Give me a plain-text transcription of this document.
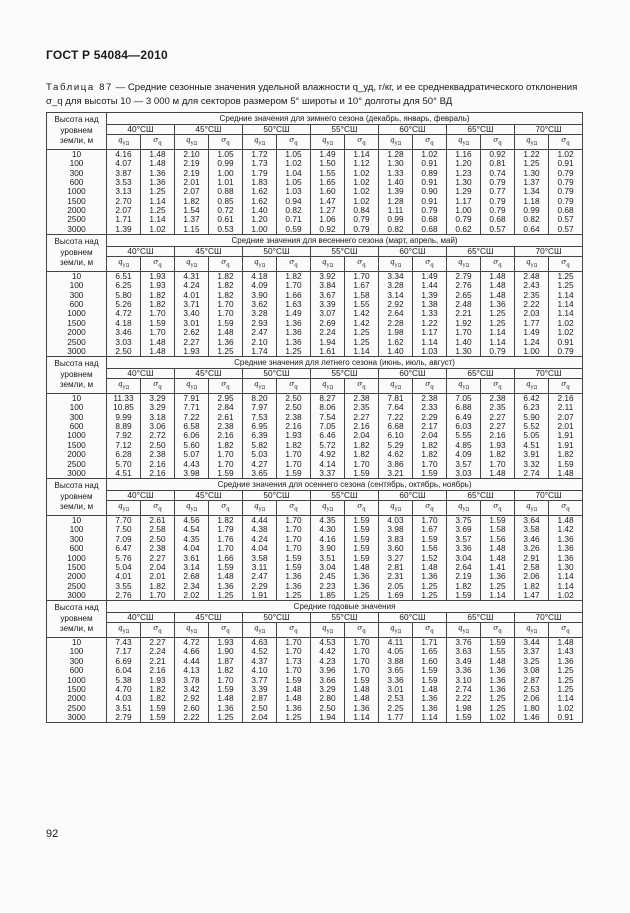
ГОСТ Р 54084—2010
Таблица 87 — Средние сезонные значения удельной влажности q_уд, г/кг, и ее среднеквадратического отклонения σ_q для высоты 10 — 3 000 м для секторов размером 5° широты и 10° долготы для 50° ВД
Высота над уровнем земли, м	Средние значения для зимнего сезона (декабрь, январь, февраль)													
	40°СШ		45°СШ		50°СШ		55°СШ		60°СШ		65°СШ		70°СШ	
	$q_{уд}$	$\sigma_q$	$q_{уд}$	$\sigma_q$	$q_{уд}$	$\sigma_q$	$q_{уд}$	$\sigma_q$	$q_{уд}$	$\sigma_q$	$q_{уд}$	$\sigma_q$	$q_{уд}$	$\sigma_q$
10	4.16	1.48	2.10	1.05	1.72	1.05	1.49	1.14	1.28	1.02	1.16	0.92	1.22	1.02
100	4.07	1.48	2.19	0.99	1.73	1.02	1.50	1.12	1.30	0.91	1.20	0.81	1.25	0.91
300	3.87	1.36	2.19	1.00	1.79	1.04	1.55	1.02	1.33	0.89	1.23	0.74	1.30	0.79
600	3.53	1.36	2.01	1.01	1.83	1.05	1.65	1.02	1.40	0.91	1.30	0.79	1.37	0.79
1000	3.13	1.25	2.07	0.88	1.62	1.03	1.60	1.02	1.39	0.90	1.29	0.77	1.34	0.79
1500	2.70	1.14	1.82	0.85	1.62	0.94	1.47	1.02	1.28	0.91	1.17	0.79	1.18	0.79
2000	2.07	1.25	1.54	0.72	1.40	0.82	1.27	0.84	1.11	0.79	1.00	0.79	0.99	0.68
2500	1.71	1.14	1.37	0.61	1.20	0.71	1.06	0.79	0.99	0.68	0.79	0.68	0.82	0.57
3000	1.39	1.02	1.15	0.53	1.00	0.59	0.92	0.79	0.82	0.68	0.62	0.57	0.64	0.57
Высота над уровнем земли, м	Средние значения для весеннего сезона (март, апрель, май)													
	40°СШ		45°СШ		50°СШ		55°СШ		60°СШ		65°СШ		70°СШ	
	$q_{уд}$	$\sigma_q$	$q_{уд}$	$\sigma_q$	$q_{уд}$	$\sigma_q$	$q_{уд}$	$\sigma_q$	$q_{уд}$	$\sigma_q$	$q_{уд}$	$\sigma_q$	$q_{уд}$	$\sigma_q$
10	6.51	1.93	4.31	1.82	4.18	1.82	3.92	1.70	3.34	1.49	2.79	1.48	2.48	1.25
100	6.25	1.93	4.24	1.82	4.09	1.70	3.84	1.67	3.28	1.44	2.76	1.48	2.43	1.25
300	5.80	1.82	4.01	1.82	3.90	1.66	3.67	1.58	3.14	1.39	2.65	1.48	2.35	1.14
600	5.26	1.82	3.71	1.70	3.62	1.63	3.39	1.55	2.92	1.38	2.48	1.36	2.22	1.14
1000	4.72	1.70	3.40	1.70	3.28	1.49	3.07	1.42	2.64	1.33	2.21	1.25	2.03	1.14
1500	4.18	1.59	3.01	1.59	2.93	1.36	2.69	1.42	2.28	1.22	1.92	1.25	1.77	1.02
2000	3.46	1.70	2.62	1.48	2.47	1.36	2.24	1.25	1.98	1.17	1.70	1.14	1.49	1.02
2500	3.03	1.48	2.27	1.36	2.10	1.36	1.94	1.25	1.62	1.14	1.40	1.14	1.24	0.91
3000	2.50	1.48	1.93	1.25	1.74	1.25	1.61	1.14	1.40	1.03	1.30	0.79	1.00	0.79
Высота над уровнем земли, м	Средние значения для летнего сезона (июнь, июль, август)													
	40°СШ		45°СШ		50°СШ		55°СШ		60°СШ		65°СШ		70°СШ	
	$q_{уд}$	$\sigma_q$	$q_{уд}$	$\sigma_q$	$q_{уд}$	$\sigma_q$	$q_{уд}$	$\sigma_q$	$q_{уд}$	$\sigma_q$	$q_{уд}$	$\sigma_q$	$q_{уд}$	$\sigma_q$
10	11.33	3.29	7.91	2.95	8.20	2.50	8.27	2.38	7.81	2.38	7.05	2.38	6.42	2.16
100	10.85	3.29	7.71	2.84	7.97	2.50	8.06	2.35	7.64	2.33	6.88	2.35	6.23	2.11
300	9.99	3.18	7.22	2.61	7.53	2.38	7.54	2.27	7.22	2.29	6.49	2.27	5.90	2.07
600	8.89	3.06	6.58	2.38	6.95	2.16	7.05	2.16	6.68	2.17	6.03	2.27	5.52	2.01
1000	7.92	2.72	6.06	2.16	6.39	1.93	6.46	2.04	6.10	2.04	5.55	2.16	5.05	1.91
1500	7.12	2.50	5.60	1.82	5.82	1.82	5.72	1.82	5.29	1.82	4.85	1.93	4.51	1.91
2000	6.28	2.38	5.07	1.70	5.03	1.70	4.92	1.82	4.62	1.82	4.09	1.82	3.91	1.82
2500	5.70	2.16	4.43	1.70	4.27	1.70	4.14	1.70	3.86	1.70	3.57	1.70	3.32	1.59
3000	4.51	2.16	3.98	1.59	3.65	1.59	3.37	1.59	3.21	1.59	3.03	1.48	2.74	1.48
Высота над уровнем земли, м	Средние значения для осеннего сезона (сентябрь, октябрь, ноябрь)													
	40°СШ		45°СШ		50°СШ		55°СШ		60°СШ		65°СШ		70°СШ	
	$q_{уд}$	$\sigma_q$	$q_{уд}$	$\sigma_q$	$q_{уд}$	$\sigma_q$	$q_{уд}$	$\sigma_q$	$q_{уд}$	$\sigma_q$	$q_{уд}$	$\sigma_q$	$q_{уд}$	$\sigma_q$
10	7.70	2.61	4.56	1.82	4.44	1.70	4.35	1.59	4.03	1.70	3.75	1.59	3.64	1.48
100	7.50	2.58	4.54	1.79	4.38	1.70	4.30	1.59	3.98	1.67	3.69	1.58	3.58	1.42
300	7.09	2.50	4.35	1.76	4.24	1.70	4.16	1.59	3.83	1.59	3.57	1.56	3.46	1.36
600	6.47	2.38	4.04	1.70	4.04	1.70	3.90	1.59	3.60	1.56	3.36	1.48	3.26	1.36
1000	5.76	2.27	3.61	1.66	3.58	1.59	3.51	1.59	3.27	1.52	3.04	1.48	2.91	1.36
1500	5.04	2.04	3.14	1.59	3.11	1.59	3.04	1.48	2.81	1.48	2.64	1.41	2.58	1.30
2000	4.01	2.01	2.68	1.48	2.47	1.36	2.45	1.36	2.31	1.36	2.19	1.36	2.06	1.14
2500	3.55	1.82	2.34	1.36	2.29	1.36	2.23	1.36	2.05	1.25	1.82	1.25	1.82	1.14
3000	2.76	1.70	2.02	1.25	1.91	1.25	1.85	1.25	1.69	1.25	1.59	1.14	1.47	1.02
Высота над уровнем земли, м	Средние годовые значения													
	40°СШ		45°СШ		50°СШ		55°СШ		60°СШ		65°СШ		70°СШ	
	$q_{уд}$	$\sigma_q$	$q_{уд}$	$\sigma_q$	$q_{уд}$	$\sigma_q$	$q_{уд}$	$\sigma_q$	$q_{уд}$	$\sigma_q$	$q_{уд}$	$\sigma_q$	$q_{уд}$	$\sigma_q$
10	7.43	2.27	4.72	1.93	4.63	1.70	4.53	1.70	4.11	1.71	3.76	1.59	3.44	1.48
100	7.17	2.24	4.66	1.90	4.52	1.70	4.42	1.70	4.05	1.65	3.63	1.55	3.37	1.43
300	6.69	2.21	4.44	1.87	4.37	1.73	4.23	1.70	3.88	1.60	3.49	1.48	3.25	1.36
600	6.04	2.16	4.13	1.82	4.10	1.70	3.96	1.70	3.65	1.59	3.36	1.36	3.08	1.25
1000	5.38	1.93	3.78	1.70	3.77	1.59	3.66	1.59	3.36	1.59	3.10	1.36	2.87	1.25
1500	4.70	1.82	3.42	1.59	3.39	1.48	3.29	1.48	3.01	1.48	2.74	1.36	2.53	1.25
2000	4.03	1.82	2.92	1.48	2.87	1.48	2.80	1.48	2.53	1.36	2.22	1.25	2.06	1.14
2500	3.51	1.59	2.60	1.36	2.50	1.36	2.50	1.36	2.25	1.36	1.98	1.25	1.80	1.02
3000	2.79	1.59	2.22	1.25	2.04	1.25	1.94	1.14	1.77	1.14	1.59	1.02	1.46	0.91
92
